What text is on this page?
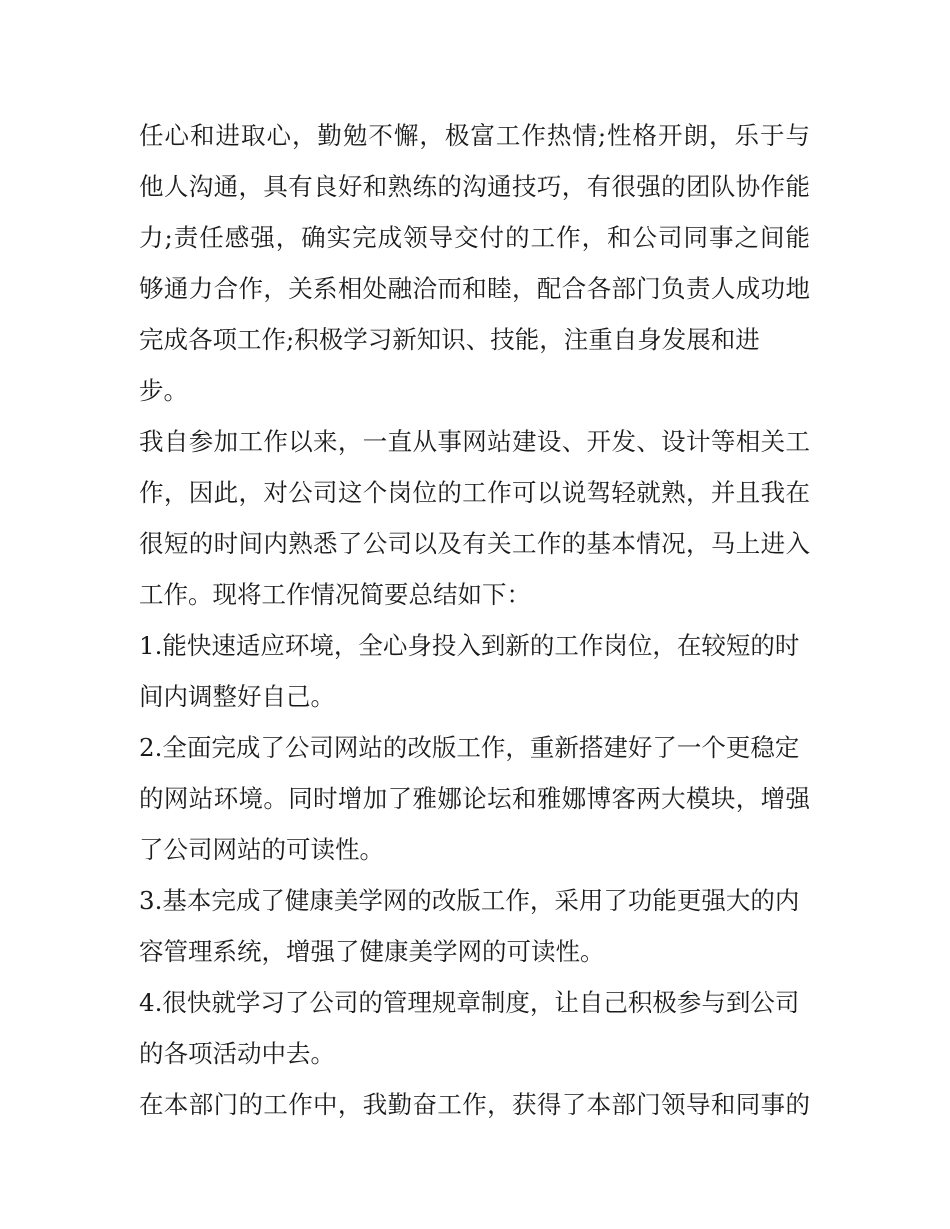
任心和进取心，勤勉不懈，极富工作热情;性格开朗，乐于与
他人沟通，具有良好和熟练的沟通技巧，有很强的团队协作能
力;责任感强，确实完成领导交付的工作，和公司同事之间能
够通力合作，关系相处融洽而和睦，配合各部门负责人成功地
完成各项工作;积极学习新知识、技能，注重自身发展和进
步。
我自参加工作以来，一直从事网站建设、开发、设计等相关工
作，因此，对公司这个岗位的工作可以说驾轻就熟，并且我在
很短的时间内熟悉了公司以及有关工作的基本情况，马上进入
工作。现将工作情况简要总结如下：
1.能快速适应环境，全心身投入到新的工作岗位，在较短的时
间内调整好自己。
2.全面完成了公司网站的改版工作，重新搭建好了一个更稳定
的网站环境。同时增加了雅娜论坛和雅娜博客两大模块，增强
了公司网站的可读性。
3.基本完成了健康美学网的改版工作，采用了功能更强大的内
容管理系统，增强了健康美学网的可读性。
4.很快就学习了公司的管理规章制度，让自己积极参与到公司
的各项活动中去。
在本部门的工作中，我勤奋工作，获得了本部门领导和同事的
